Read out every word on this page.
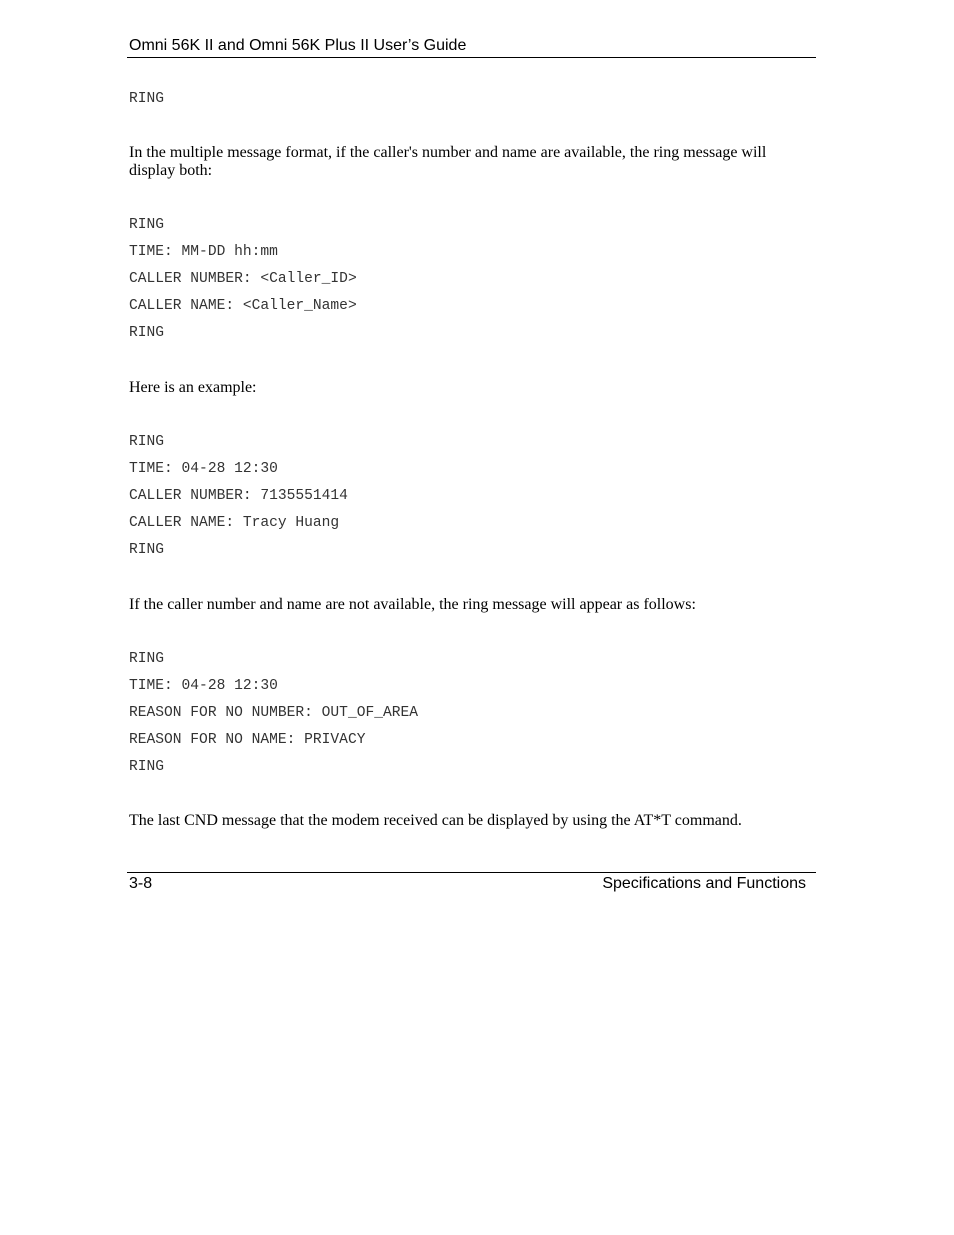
Omni 56K II and Omni 56K Plus II User’s Guide
RING
In the multiple message format, if the caller's number and name are available, the ring message will display both:
RING
TIME: MM-DD hh:mm
CALLER NUMBER: <Caller_ID>
CALLER NAME: <Caller_Name>
RING
Here is an example:
RING
TIME: 04-28 12:30
CALLER NUMBER: 7135551414
CALLER NAME: Tracy Huang
RING
If the caller number and name are not available, the ring message will appear as follows:
RING
TIME: 04-28 12:30
REASON FOR NO NUMBER: OUT_OF_AREA
REASON FOR NO NAME: PRIVACY
RING
The last CND message that the modem received can be displayed by using the AT*T command.
3-8	Specifications and Functions
